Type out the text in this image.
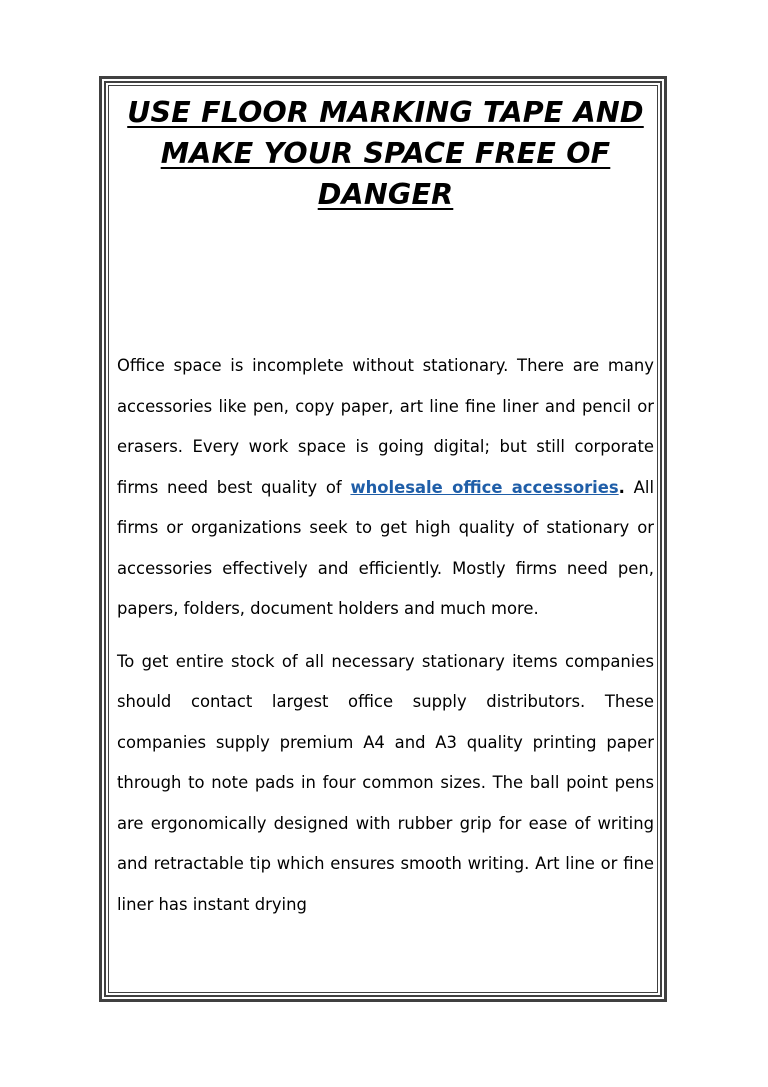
USE FLOOR MARKING TAPE AND MAKE YOUR SPACE FREE OF DANGER

Office space is incomplete without stationary. There are many accessories like pen, copy paper, art line fine liner and pencil or erasers. Every work space is going digital; but still corporate firms need best quality of wholesale office accessories. All firms or organizations seek to get high quality of stationary or accessories effectively and efficiently. Mostly firms need pen, papers, folders, document holders and much more.

To get entire stock of all necessary stationary items companies should contact largest office supply distributors. These companies supply premium A4 and A3 quality printing paper through to note pads in four common sizes. The ball point pens are ergonomically designed with rubber grip for ease of writing and retractable tip which ensures smooth writing. Art line or fine liner has instant drying
